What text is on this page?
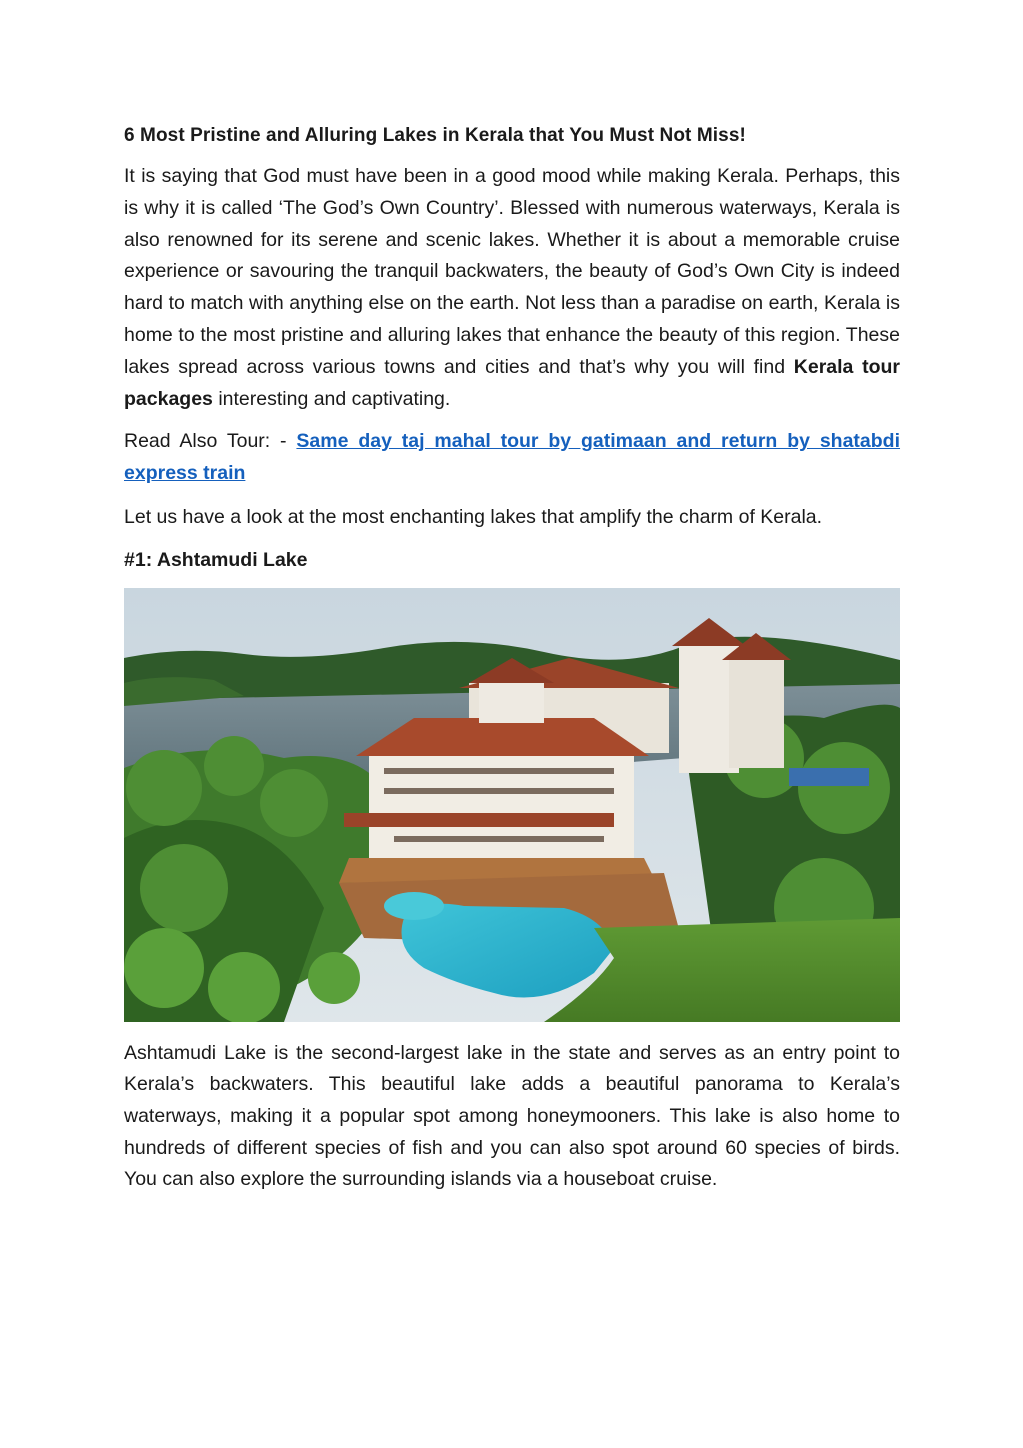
6 Most Pristine and Alluring Lakes in Kerala that You Must Not Miss!

It is saying that God must have been in a good mood while making Kerala. Perhaps, this is why it is called ‘The God’s Own Country’. Blessed with numerous waterways, Kerala is also renowned for its serene and scenic lakes. Whether it is about a memorable cruise experience or savouring the tranquil backwaters, the beauty of God’s Own City is indeed hard to match with anything else on the earth. Not less than a paradise on earth, Kerala is home to the most pristine and alluring lakes that enhance the beauty of this region. These lakes spread across various towns and cities and that’s why you will find Kerala tour packages interesting and captivating.

Read Also Tour: - Same day taj mahal tour by gatimaan and return by shatabdi express train

Let us have a look at the most enchanting lakes that amplify the charm of Kerala.

#1: Ashtamudi Lake

Ashtamudi Lake is the second-largest lake in the state and serves as an entry point to Kerala’s backwaters. This beautiful lake adds a beautiful panorama to Kerala’s waterways, making it a popular spot among honeymooners. This lake is also home to hundreds of different species of fish and you can also spot around 60 species of birds. You can also explore the surrounding islands via a houseboat cruise.
